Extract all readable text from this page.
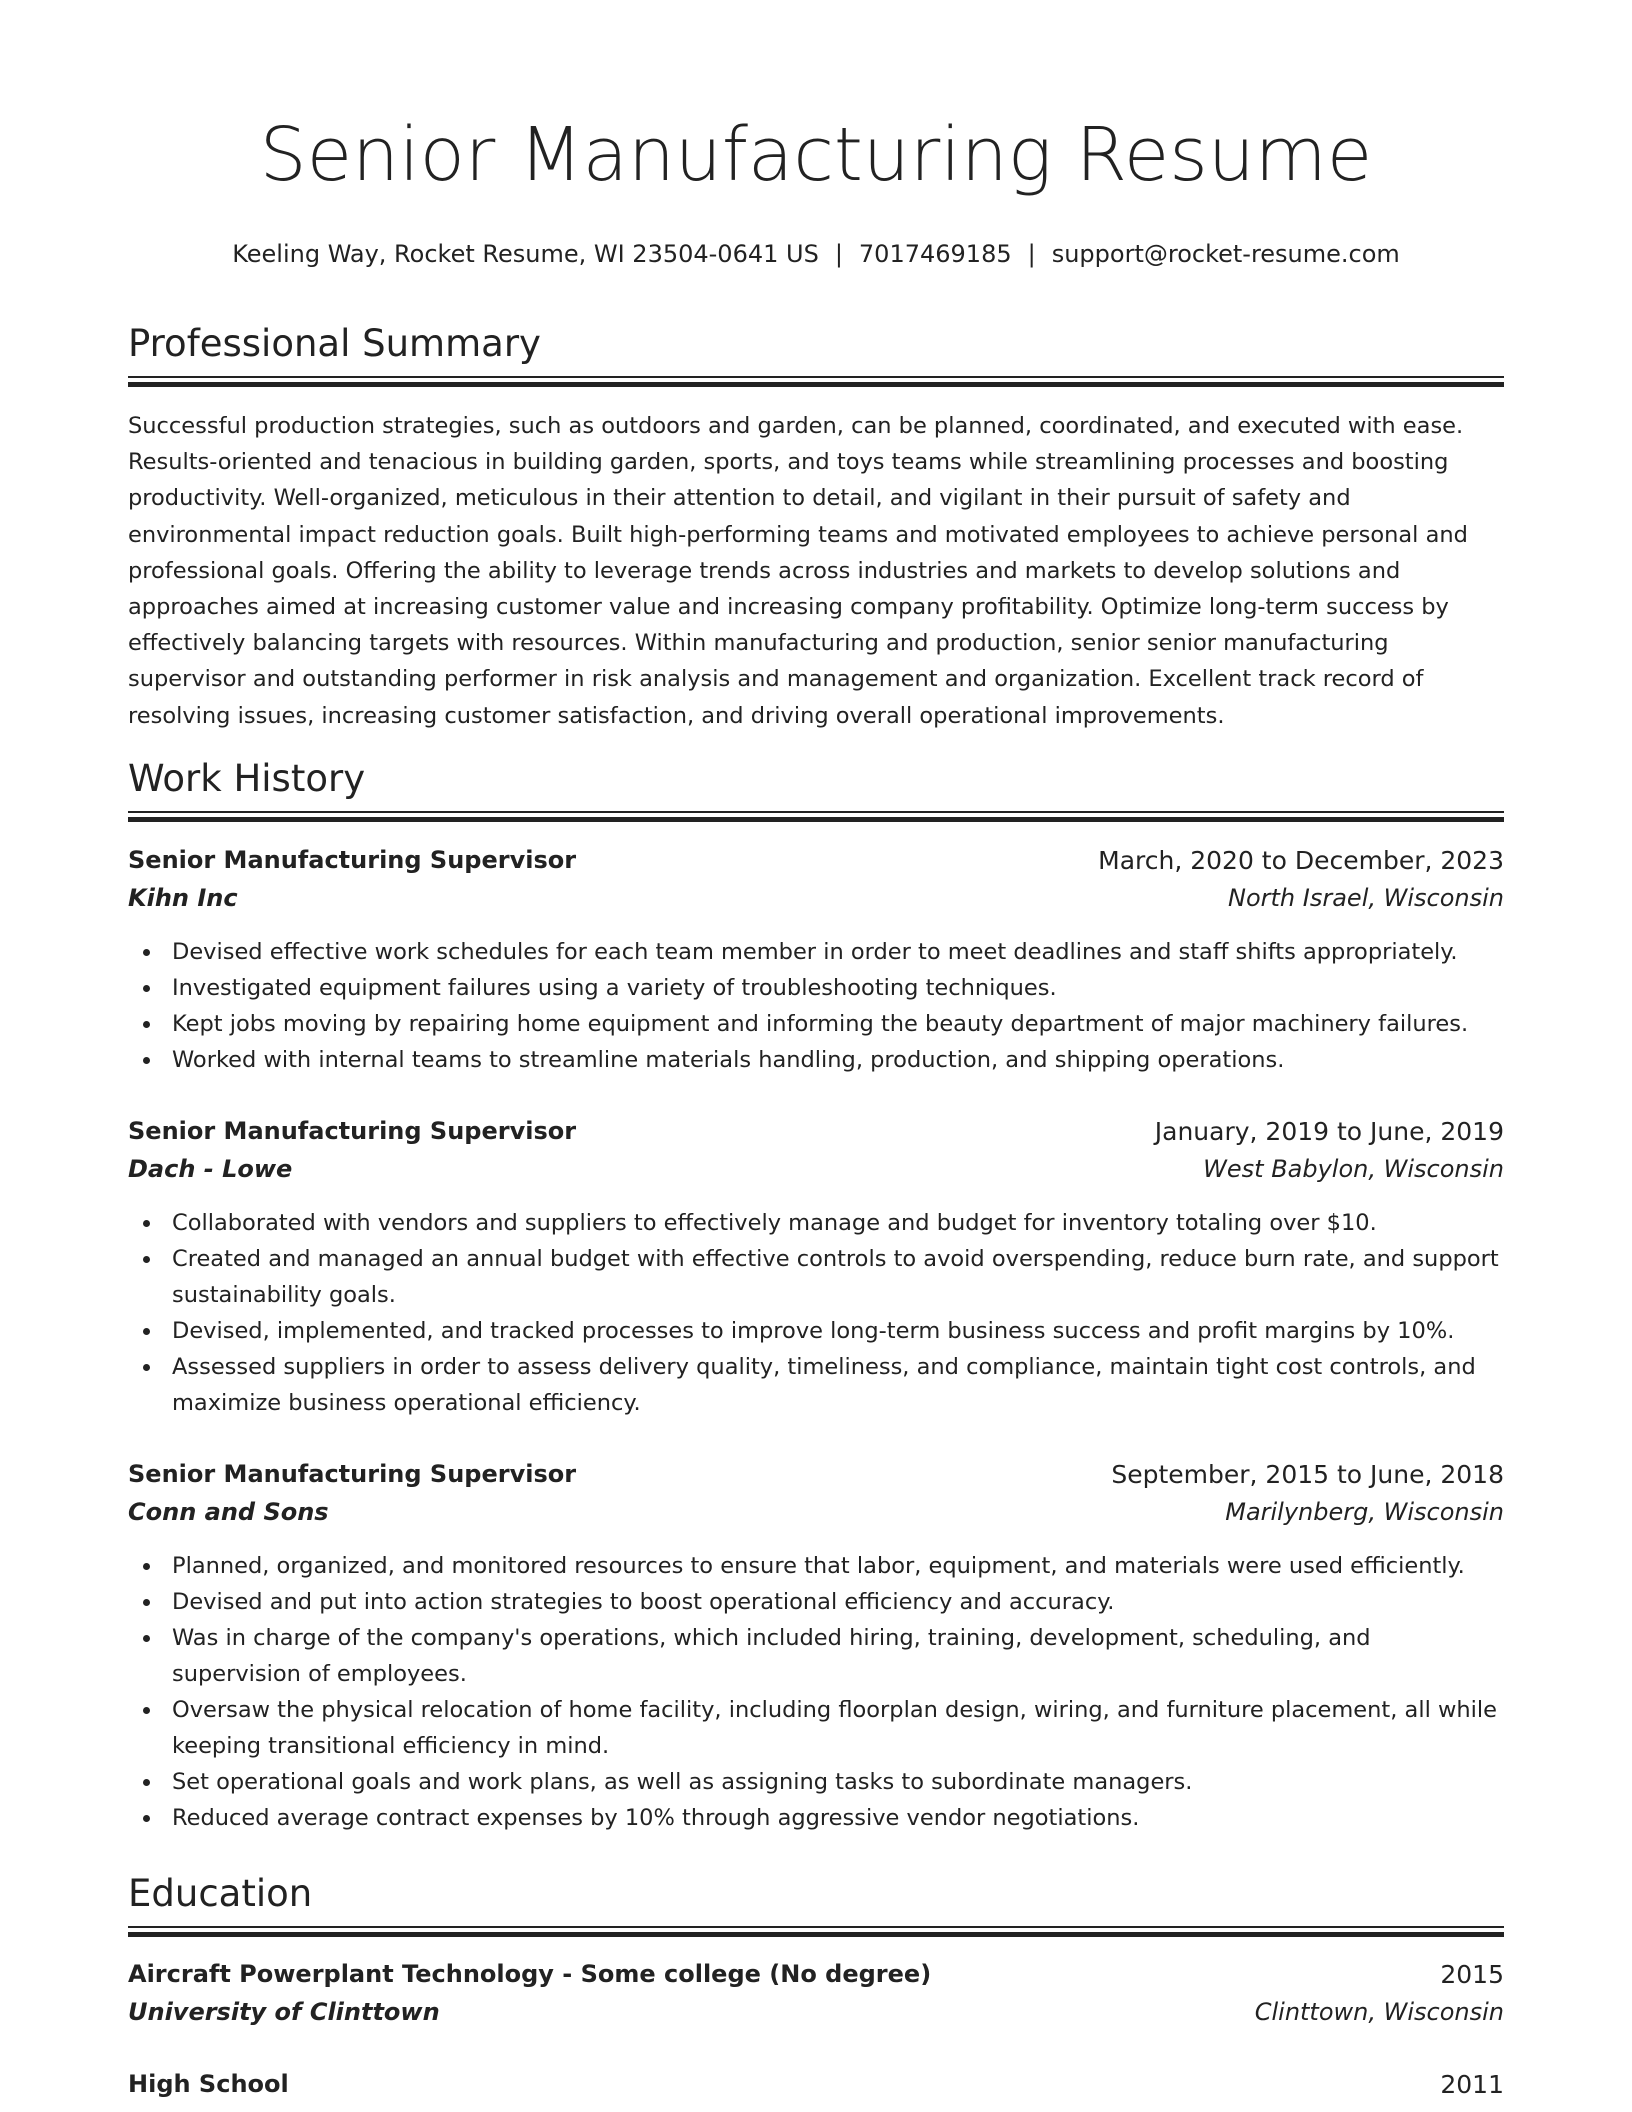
Senior Manufacturing Resume
Keeling Way, Rocket Resume, WI 23504-0641 US | 7017469185 | support@rocket-resume.com
Professional Summary
Successful production strategies, such as outdoors and garden, can be planned, coordinated, and executed with ease. Results-oriented and tenacious in building garden, sports, and toys teams while streamlining processes and boosting productivity. Well-organized, meticulous in their attention to detail, and vigilant in their pursuit of safety and environmental impact reduction goals. Built high-performing teams and motivated employees to achieve personal and professional goals. Offering the ability to leverage trends across industries and markets to develop solutions and approaches aimed at increasing customer value and increasing company profitability. Optimize long-term success by effectively balancing targets with resources. Within manufacturing and production, senior senior manufacturing supervisor and outstanding performer in risk analysis and management and organization. Excellent track record of resolving issues, increasing customer satisfaction, and driving overall operational improvements.
Work History
Senior Manufacturing Supervisor	March, 2020 to December, 2023
Kihn Inc	North Israel, Wisconsin
Devised effective work schedules for each team member in order to meet deadlines and staff shifts appropriately.
Investigated equipment failures using a variety of troubleshooting techniques.
Kept jobs moving by repairing home equipment and informing the beauty department of major machinery failures.
Worked with internal teams to streamline materials handling, production, and shipping operations.
Senior Manufacturing Supervisor	January, 2019 to June, 2019
Dach - Lowe	West Babylon, Wisconsin
Collaborated with vendors and suppliers to effectively manage and budget for inventory totaling over $10.
Created and managed an annual budget with effective controls to avoid overspending, reduce burn rate, and support sustainability goals.
Devised, implemented, and tracked processes to improve long-term business success and profit margins by 10%.
Assessed suppliers in order to assess delivery quality, timeliness, and compliance, maintain tight cost controls, and maximize business operational efficiency.
Senior Manufacturing Supervisor	September, 2015 to June, 2018
Conn and Sons	Marilynberg, Wisconsin
Planned, organized, and monitored resources to ensure that labor, equipment, and materials were used efficiently.
Devised and put into action strategies to boost operational efficiency and accuracy.
Was in charge of the company's operations, which included hiring, training, development, scheduling, and supervision of employees.
Oversaw the physical relocation of home facility, including floorplan design, wiring, and furniture placement, all while keeping transitional efficiency in mind.
Set operational goals and work plans, as well as assigning tasks to subordinate managers.
Reduced average contract expenses by 10% through aggressive vendor negotiations.
Education
Aircraft Powerplant Technology - Some college (No degree)	2015
University of Clinttown	Clinttown, Wisconsin
High School	2011
